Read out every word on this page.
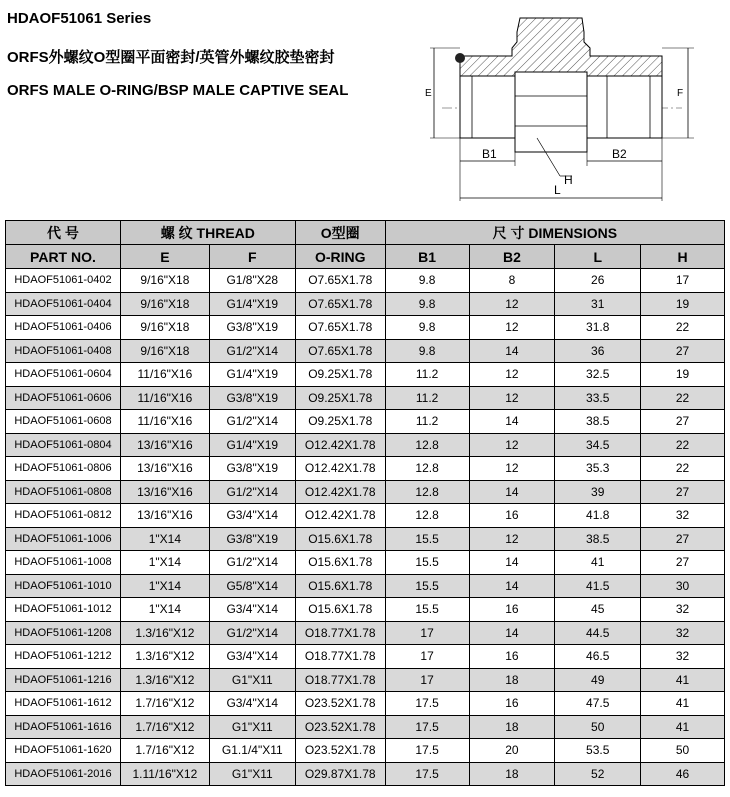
HDAOF51061 Series
ORFS外螺纹O型圈平面密封/英管外螺纹胶垫密封
ORFS MALE O-RING/BSP MALE CAPTIVE SEAL	E	F
B1	B2
H
L
代 号	螺 纹 THREAD		O型圈	尺 寸 DIMENSIONS			
PART NO.	E	F	O-RING	B1	B2	L	H
HDAOF51061-0402	9/16"X18	G1/8"X28	O7.65X1.78	9.8	8	26	17
HDAOF51061-0404	9/16"X18	G1/4"X19	O7.65X1.78	9.8	12	31	19
HDAOF51061-0406	9/16"X18	G3/8"X19	O7.65X1.78	9.8	12	31.8	22
HDAOF51061-0408	9/16"X18	G1/2"X14	O7.65X1.78	9.8	14	36	27
HDAOF51061-0604	11/16"X16	G1/4"X19	O9.25X1.78	11.2	12	32.5	19
HDAOF51061-0606	11/16"X16	G3/8"X19	O9.25X1.78	11.2	12	33.5	22
HDAOF51061-0608	11/16"X16	G1/2"X14	O9.25X1.78	11.2	14	38.5	27
HDAOF51061-0804	13/16"X16	G1/4"X19	O12.42X1.78	12.8	12	34.5	22
HDAOF51061-0806	13/16"X16	G3/8"X19	O12.42X1.78	12.8	12	35.3	22
HDAOF51061-0808	13/16"X16	G1/2"X14	O12.42X1.78	12.8	14	39	27
HDAOF51061-0812	13/16"X16	G3/4"X14	O12.42X1.78	12.8	16	41.8	32
HDAOF51061-1006	1"X14	G3/8"X19	O15.6X1.78	15.5	12	38.5	27
HDAOF51061-1008	1"X14	G1/2"X14	O15.6X1.78	15.5	14	41	27
HDAOF51061-1010	1"X14	G5/8"X14	O15.6X1.78	15.5	14	41.5	30
HDAOF51061-1012	1"X14	G3/4"X14	O15.6X1.78	15.5	16	45	32
HDAOF51061-1208	1.3/16"X12	G1/2"X14	O18.77X1.78	17	14	44.5	32
HDAOF51061-1212	1.3/16"X12	G3/4"X14	O18.77X1.78	17	16	46.5	32
HDAOF51061-1216	1.3/16"X12	G1"X11	O18.77X1.78	17	18	49	41
HDAOF51061-1612	1.7/16"X12	G3/4"X14	O23.52X1.78	17.5	16	47.5	41
HDAOF51061-1616	1.7/16"X12	G1"X11	O23.52X1.78	17.5	18	50	41
HDAOF51061-1620	1.7/16"X12	G1.1/4"X11	O23.52X1.78	17.5	20	53.5	50
HDAOF51061-2016	1.11/16"X12	G1"X11	O29.87X1.78	17.5	18	52	46
